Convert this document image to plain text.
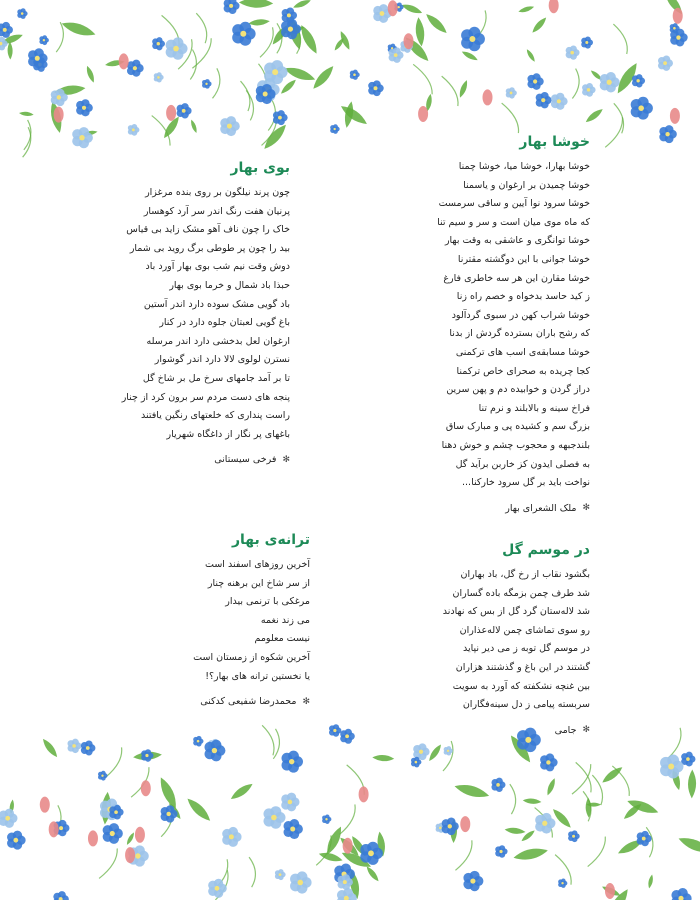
خوشا بهار
خوشا بهارا، خوشا میا، خوشا چمنا
خوشا چمیدن بر ارغوان و یاسمنا
خوشا سرود نوا آیین و ساقی سرمست
که ماه موی میان است و سر و سیم تنا
خوشا توانگری و عاشقی به وقت بهار
خوشا جوانی با این دوگشته مقترنا
خوشا مقارن این هر سه خاطری فارغ
ز کید حاسد بدخواه و خصم راه زنا
خوشا شراب کهن در سبوی گردآلود
که رشح باران بسترده گردش از بدنا
خوشا مسابقه‌ی اسب های ترکمنی
کجا چریده به صحرای خاص ترکمنا
دراز گردن و خوابیده دم و پهن سرین
فراخ سینه و بالابلند و نرم تنا
بزرگ سم و کشیده پی و مبارک ساق
بلندجبهه و محجوب چشم و خوش دهنا
به فصلی ایدون کز خاربن برآید گل
نواخت باید بر گل سرود خارکنا...
✻
ملک الشعرای بهار
بوی بهار
چون پرند نیلگون بر روی بنده مرغزار
پرنیان هفت رنگ اندر سر آرد کوهسار
خاک را چون ناف آهو مشک زاید بی قیاس
بید را چون پر طوطی برگ روید بی شمار
دوش وقت نیم شب بوی بهار آورد باد
حبذا باد شمال و خرما بوی بهار
باد گویی مشک سوده دارد اندر آستین
باغ گویی لعبتان جلوه دارد در کنار
ارغوان لعل بدخشی دارد اندر مرسله
نسترن لولوی لالا دارد اندر گوشوار
تا بر آمد جامهای سرخ مل بر شاخ گل
پنجه های دست مردم سر برون کرد از چنار
راست پنداری که خلعتهای رنگین یافتند
باغهای پر نگار از داغگاه شهریار
✻
فرخی سیستانی
در موسم گل
بگشود نقاب از رخ گل، باد بهاران
شد طرف چمن بزمگه باده گساران
شد لاله‌ستان گرد گل از بس که نهادند
رو سوی تماشای چمن لاله‌عذاران
در موسم گل توبه ز می دیر نپاید
گشتند در این باغ و گذشتند هزاران
بین غنچه نشکفته که آورد به سویت
سربسته پیامی ز دل سینه‌فگاران
✻
جامی
ترانه‌ی بهار
آخرین روزهای اسفند است
از سر شاخ این برهنه چنار
مرغکی با ترنمی بیدار
می زند نغمه
نیست معلومم
آخرین شکوه از زمستان است
یا نخستین ترانه های بهار؟!
✻
محمدرضا شفیعی کدکنی
